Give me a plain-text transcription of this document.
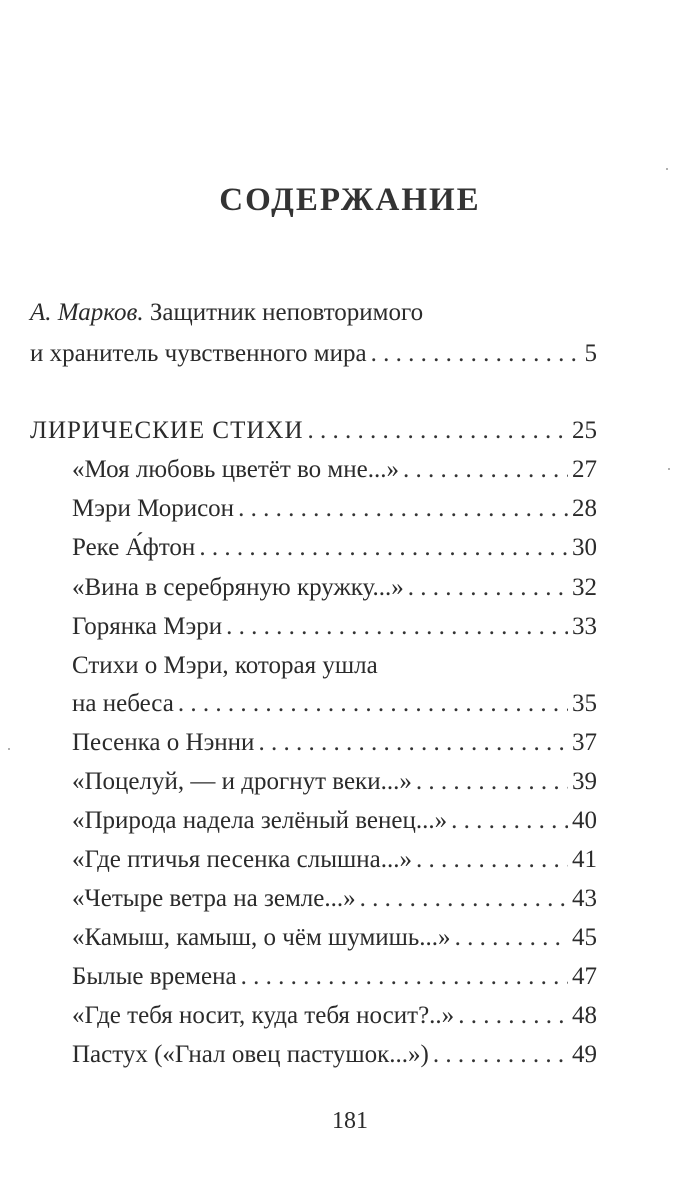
СОДЕРЖАНИЕ
А. Марков. Защитник неповторимого
и хранитель чувственного мира . . .	5
ЛИРИЧЕСКИЕ СТИХИ . . .	25
«Моя любовь цветёт во мне...» . . .	27
Мэри Морисон . . .	28
Реке А́фтон . . .	30
«Вина в серебряную кружку...» . . .	32
Горянка Мэри . . .	33
Стихи о Мэри, которая ушла
на небеса . . .	35
Песенка о Нэнни . . .	37
«Поцелуй, — и дрогнут веки...» . . .	39
«Природа надела зелёный венец...» . . .	40
«Где птичья песенка слышна...» . . .	41
«Четыре ветра на земле...» . . .	43
«Камыш, камыш, о чём шумишь...» . . .	45
Былые времена . . .	47
«Где тебя носит, куда тебя носит?..» . . .	48
Пастух («Гнал овец пастушок...») . . .	49
181
